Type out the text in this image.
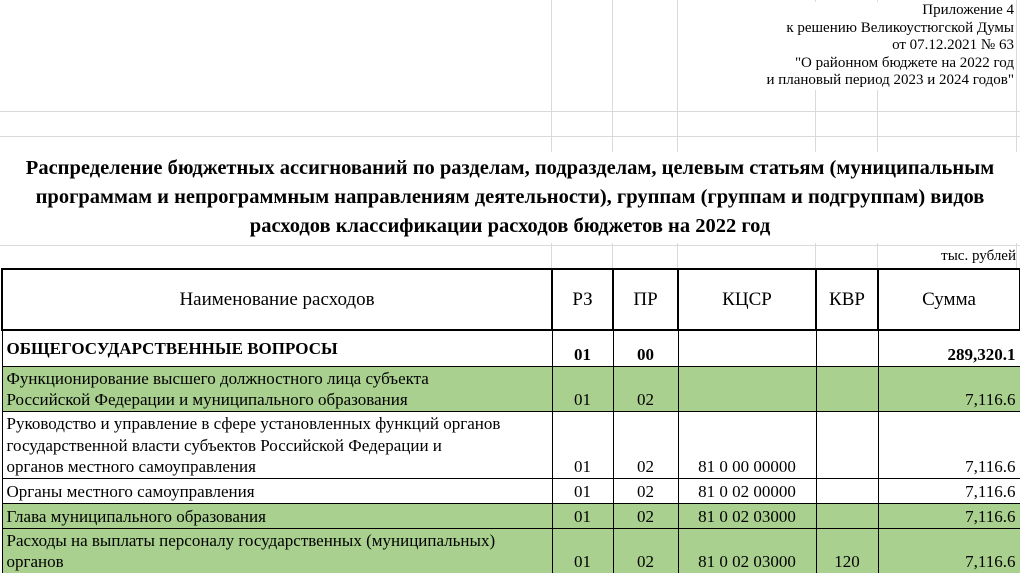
Приложение 4
к решению Великоустюгской Думы
от 07.12.2021 № 63
"О районном бюджете на 2022 год
и плановый период 2023 и 2024 годов"
Распределение бюджетных ассигнований по разделам, подразделам, целевым статьям (муниципальным
программам и непрограммным направлениям деятельности), группам (группам и подгруппам) видов
расходов классификации расходов бюджетов на 2022 год
тыс. рублей
Наименование расходов	РЗ	ПР	КЦСР	КВР	Сумма

ОБЩЕГОСУДАРСТВЕННЫЕ ВОПРОСЫ	01	00			289,320.1

Функционирование высшего должностного лица субъекта
Российской Федерации и муниципального образования	01	02			7,116.6

Руководство и управление в сфере установленных функций органов
государственной власти субъектов Российской Федерации и
органов местного самоуправления	01	02	81 0 00 00000		7,116.6

Органы местного самоуправления	01	02	81 0 02 00000		7,116.6

Глава муниципального образования	01	02	81 0 02 03000		7,116.6

Расходы на выплаты персоналу государственных (муниципальных)
органов	01	02	81 0 02 03000	120	7,116.6
